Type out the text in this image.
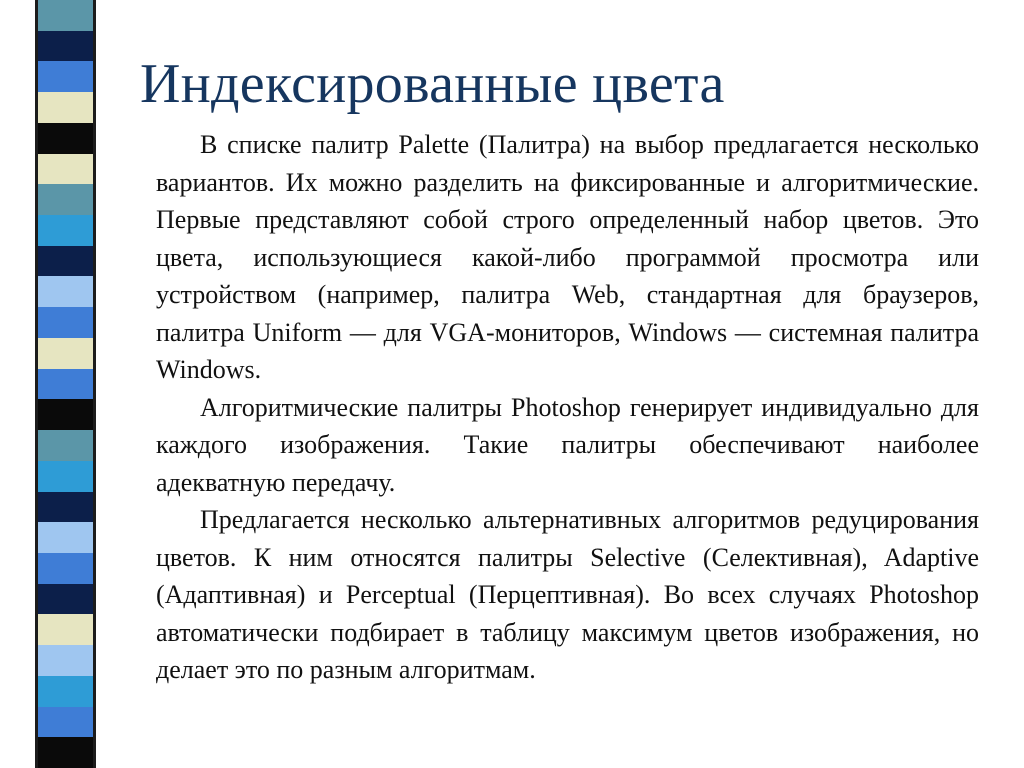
Индексированные цвета

В списке палитр Palette (Палитра) на выбор предлагается несколько вариантов. Их можно разделить на фиксированные и алгоритмические. Первые представляют собой строго определенный набор цветов. Это цвета, использующиеся какой-либо программой просмотра или устройством (например, палитра Web, стандартная для браузеров, палитра Uniform — для VGA-мониторов, Windows — системная палитра Windows.

Алгоритмические палитры Photoshop генерирует индивидуально для каждого изображения. Такие палитры обеспечивают наиболее адекватную передачу.

Предлагается несколько альтернативных алгоритмов редуцирования цветов. К ним относятся палитры Selective (Селективная), Adaptive (Адаптивная) и Perceptual (Перцептивная). Во всех случаях Photoshop автоматически подбирает в таблицу максимум цветов изображения, но делает это по разным алгоритмам.
